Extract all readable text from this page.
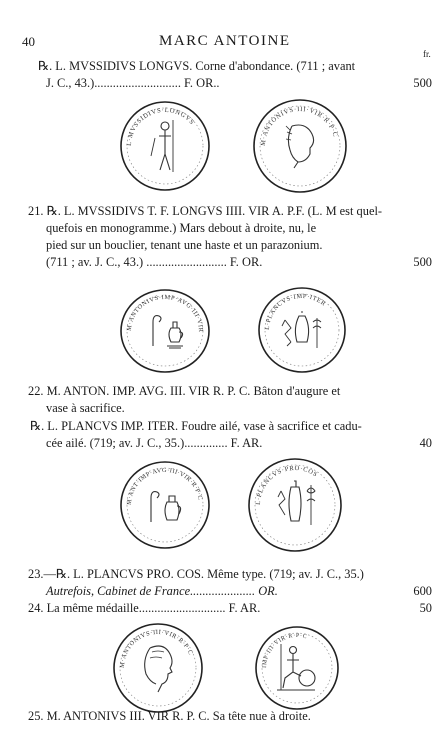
40	MARC ANTOINE
fr.
℞. L. MVSSIDIVS LONGVS. Corne d'abondance. (711 ; avant
J. C., 43.)............................ F. OR..	500
L·MVSSIDIVS·LONGVS
M·ANTONIVS·III·VIR·R·P·C
21. ℞. L. MVSSIDIVS T. F. LONGVS IIII. VIR A. P.F. (L. M est quel-
quefois en monogramme.) Mars debout à droite, nu, le
pied sur un bouclier, tenant une haste et un parazonium.
(711 ; av. J. C., 43.) .......................... F. OR.	500
M·ANTONIVS·IMP·AVG·III·VIR	L·PLANCVS·IMP·ITER
22. M. ANTON. IMP. AVG. III. VIR R. P. C. Bâton d'augure et
vase à sacrifice.
℞. L. PLANCVS IMP. ITER. Foudre ailé, vase à sacrifice et cadu-
cée ailé. (719; av. J. C., 35.).............. F. AR.	40
M·ANT·IMP·AVG·III·VIR·R·P·C
L·PLANCVS·PRO·COS
23.—℞. L. PLANCVS PRO. COS. Même type. (719; av. J. C., 35.)
Autrefois, Cabinet de France..................... OR.	600
24. La même médaille............................ F. AR.	50
M·ANTONIVS·III·VIR·R·P·C
IMP·III·VIR·R·P·C
25. M. ANTONIVS III. VIR R. P. C. Sa tête nue à droite.
